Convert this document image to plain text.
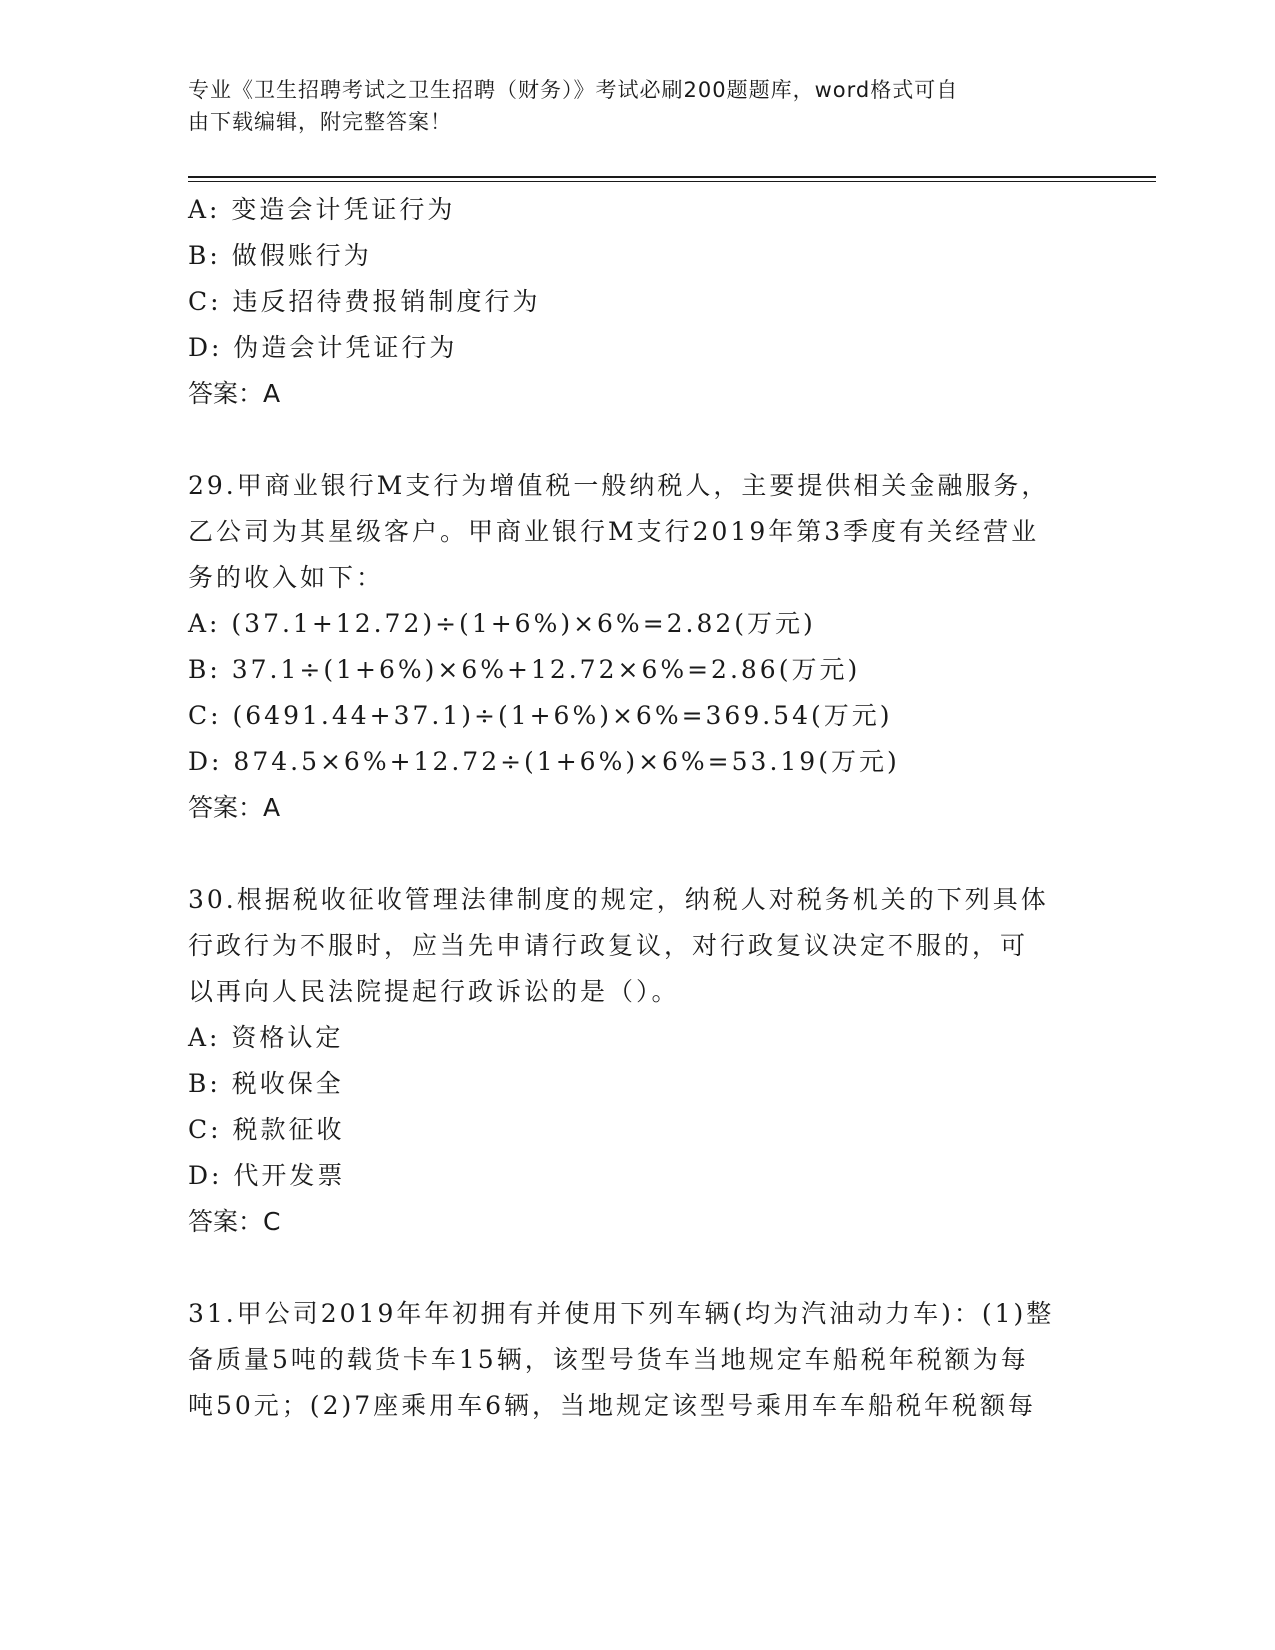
专业《卫生招聘考试之卫生招聘（财务）》考试必刷200题题库，word格式可自
由下载编辑，附完整答案！
A: 变造会计凭证行为
B: 做假账行为
C: 违反招待费报销制度行为
D: 伪造会计凭证行为
答案：A
29.甲商业银行M支行为增值税一般纳税人，主要提供相关金融服务，
乙公司为其星级客户。甲商业银行M支行2019年第3季度有关经营业
务的收入如下：
A: (37.1+12.72)÷(1+6%)×6%=2.82(万元)
B: 37.1÷(1+6%)×6%+12.72×6%=2.86(万元)
C: (6491.44+37.1)÷(1+6%)×6%=369.54(万元)
D: 874.5×6%+12.72÷(1+6%)×6%=53.19(万元)
答案：A
30.根据税收征收管理法律制度的规定，纳税人对税务机关的下列具体
行政行为不服时，应当先申请行政复议，对行政复议决定不服的，可
以再向人民法院提起行政诉讼的是（）。
A: 资格认定
B: 税收保全
C: 税款征收
D: 代开发票
答案：C
31.甲公司2019年年初拥有并使用下列车辆(均为汽油动力车)：(1)整
备质量5吨的载货卡车15辆，该型号货车当地规定车船税年税额为每
吨50元；(2)7座乘用车6辆，当地规定该型号乘用车车船税年税额每
